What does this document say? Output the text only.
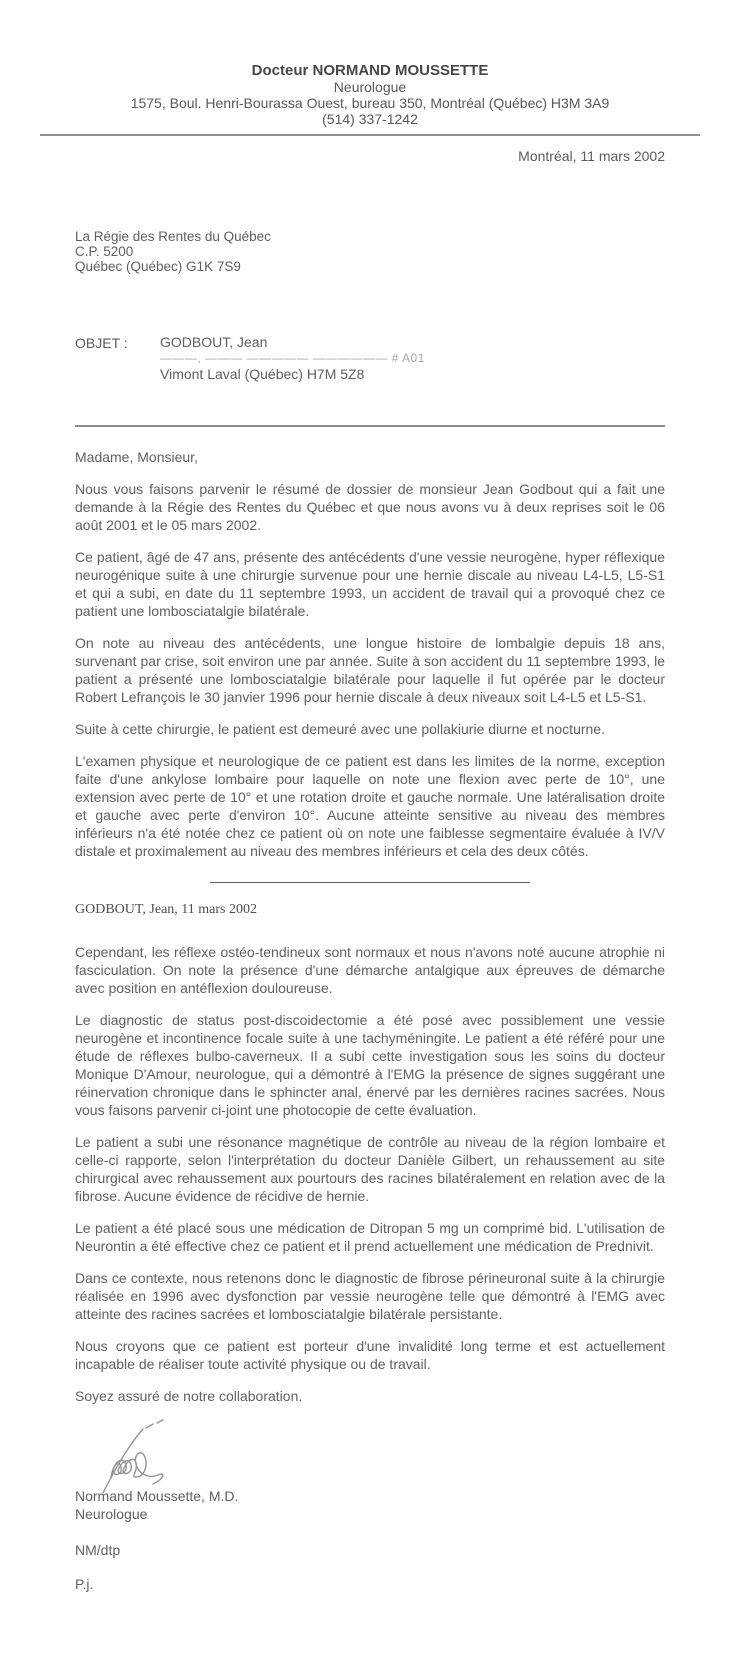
Docteur NORMAND MOUSSETTE
Neurologue
1575, Boul. Henri-Bourassa Ouest, bureau 350, Montréal (Québec) H3M 3A9
(514) 337-1242
Montréal, 11 mars 2002
La Régie des Rentes du Québec
C.P. 5200
Québec (Québec) G1K 7S9
OBJET :	GODBOUT, Jean
―――, ――― ――――― ―――――― # A01
Vimont Laval (Québec) H7M 5Z8
Madame, Monsieur,

Nous vous faisons parvenir le résumé de dossier de monsieur Jean Godbout qui a fait une demande à la Régie des Rentes du Québec et que nous avons vu à deux reprises soit le 06 août 2001 et le 05 mars 2002.

Ce patient, âgé de 47 ans, présente des antécédents d'une vessie neurogène, hyper réflexique neurogénique suite à une chirurgie survenue pour une hernie discale au niveau L4-L5, L5-S1 et qui a subi, en date du 11 septembre 1993, un accident de travail qui a provoqué chez ce patient une lombosciatalgie bilatérale.

On note au niveau des antécédents, une longue histoire de lombalgie depuis 18 ans, survenant par crise, soit environ une par année. Suite à son accident du 11 septembre 1993, le patient a présenté une lombosciatalgie bilatérale pour laquelle il fut opérée par le docteur Robert Lefrançois le 30 janvier 1996 pour hernie discale à deux niveaux soit L4-L5 et L5-S1.

Suite à cette chirurgie, le patient est demeuré avec une pollakiurie diurne et nocturne.

L'examen physique et neurologique de ce patient est dans les limites de la norme, exception faite d'une ankylose lombaire pour laquelle on note une flexion avec perte de 10°, une extension avec perte de 10° et une rotation droite et gauche normale. Une latéralisation droite et gauche avec perte d'environ 10°. Aucune atteinte sensitive au niveau des membres inférieurs n'a été notée chez ce patient où on note une faiblesse segmentaire évaluée à IV/V distale et proximalement au niveau des membres inférieurs et cela des deux côtés.

GODBOUT, Jean, 11 mars 2002

Cependant, les réflexe ostéo-tendineux sont normaux et nous n'avons noté aucune atrophie ni fasciculation. On note la présence d'une démarche antalgique aux épreuves de démarche avec position en antéflexion douloureuse.

Le diagnostic de status post-discoidectomie a été posé avec possiblement une vessie neurogène et incontinence focale suite à une tachyméningite. Le patient a été référé pour une étude de réflexes bulbo-caverneux. Il a subi cette investigation sous les soins du docteur Monique D'Amour, neurologue, qui a démontré à l'EMG la présence de signes suggérant une réinervation chronique dans le sphincter anal, énervé par les dernières racines sacrées. Nous vous faisons parvenir ci-joint une photocopie de cette évaluation.

Le patient a subi une résonance magnétique de contrôle au niveau de la région lombaire et celle-ci rapporte, selon l'interprétation du docteur Danièle Gilbert, un rehaussement au site chirurgical avec rehaussement aux pourtours des racines bilatéralement en relation avec de la fibrose. Aucune évidence de récidive de hernie.

Le patient a été placé sous une médication de Ditropan 5 mg un comprimé bid. L'utilisation de Neurontin a été effective chez ce patient et il prend actuellement une médication de Prednivit.

Dans ce contexte, nous retenons donc le diagnostic de fibrose périneuronal suite à la chirurgie réalisée en 1996 avec dysfonction par vessie neurogène telle que démontré à l'EMG avec atteinte des racines sacrées et lombosciatalgie bilatérale persistante.

Nous croyons que ce patient est porteur d'une invalidité long terme et est actuellement incapable de réaliser toute activité physique ou de travail.

Soyez assuré de notre collaboration.

Normand Moussette, M.D.
Neurologue
NM/dtp
P.j.
